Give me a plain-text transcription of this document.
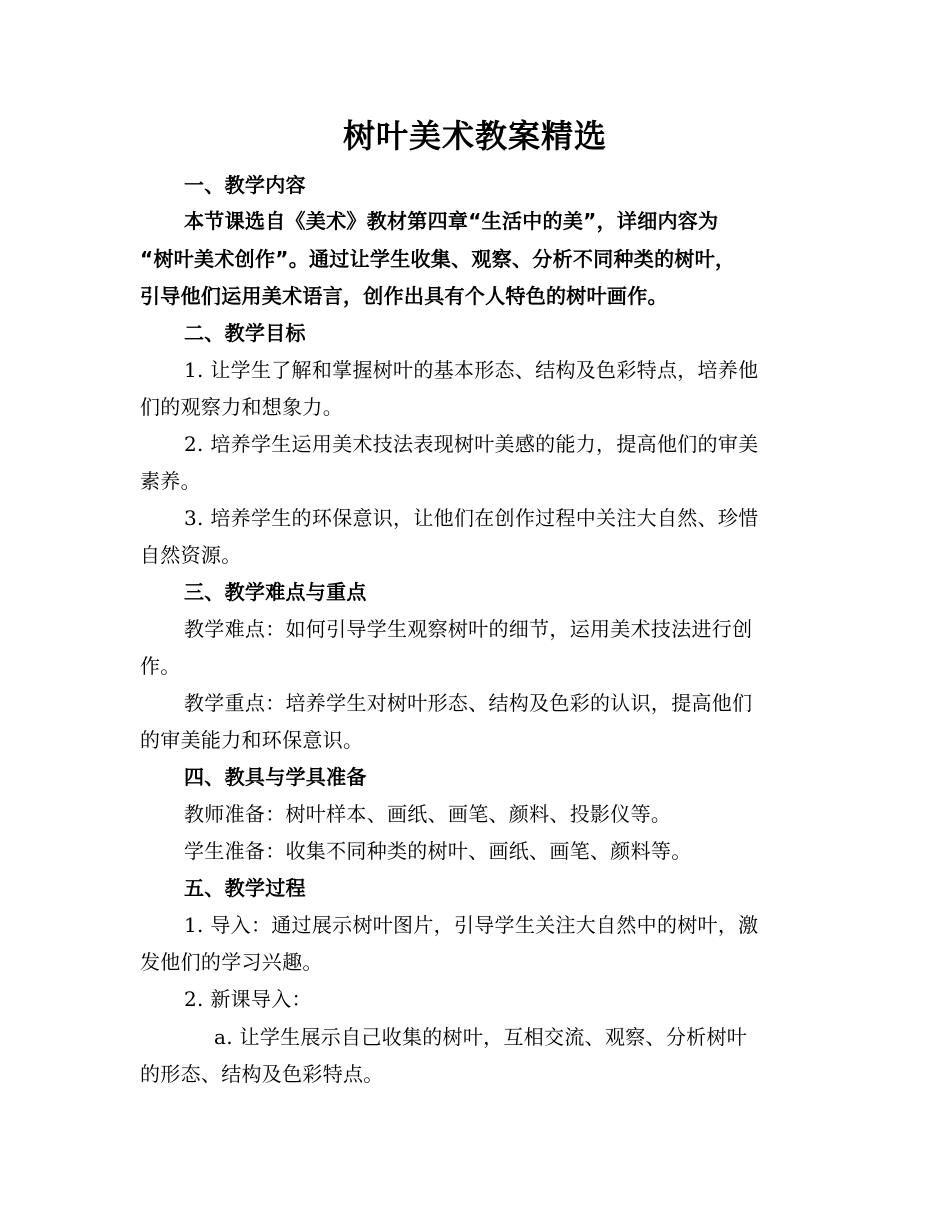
树叶美术教案精选
一、教学内容
本节课选自《美术》教材第四章“生活中的美”，详细内容为
“树叶美术创作”。通过让学生收集、观察、分析不同种类的树叶，
引导他们运用美术语言，创作出具有个人特色的树叶画作。
二、教学目标
1. 让学生了解和掌握树叶的基本形态、结构及色彩特点，培养他
们的观察力和想象力。
2. 培养学生运用美术技法表现树叶美感的能力，提高他们的审美
素养。
3. 培养学生的环保意识，让他们在创作过程中关注大自然、珍惜
自然资源。
三、教学难点与重点
教学难点：如何引导学生观察树叶的细节，运用美术技法进行创
作。
教学重点：培养学生对树叶形态、结构及色彩的认识，提高他们
的审美能力和环保意识。
四、教具与学具准备
教师准备：树叶样本、画纸、画笔、颜料、投影仪等。
学生准备：收集不同种类的树叶、画纸、画笔、颜料等。
五、教学过程
1. 导入：通过展示树叶图片，引导学生关注大自然中的树叶，激
发他们的学习兴趣。
2. 新课导入：
a. 让学生展示自己收集的树叶，互相交流、观察、分析树叶
的形态、结构及色彩特点。
